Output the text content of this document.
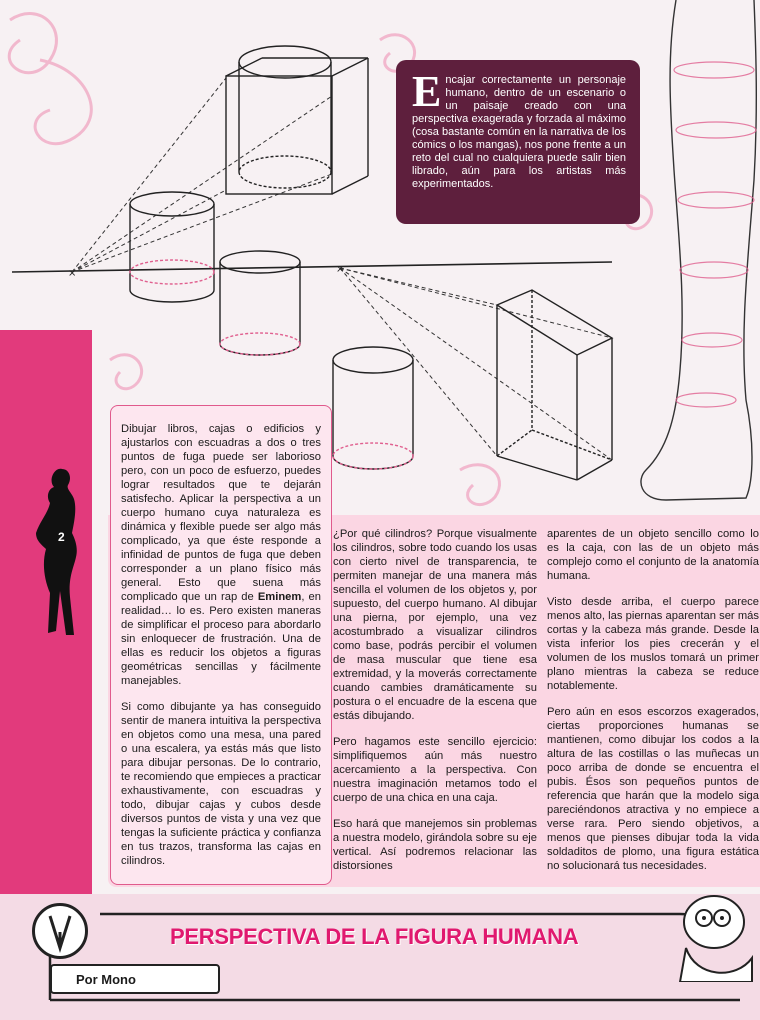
×	×
Encajar correctamente un personaje humano, dentro de un escenario o un paisaje creado con una perspectiva exagerada y forzada al máximo (cosa bastante común en la narrativa de los cómics o los mangas), nos pone frente a un reto del cual no cualquiera puede salir bien librado, aún para los artistas más experimentados.
2

Dibujar libros, cajas o edificios y ajustarlos con escuadras a dos o tres puntos de fuga puede ser laborioso pero, con un poco de esfuerzo, puedes lograr resultados que te dejarán satisfecho. Aplicar la perspectiva a un cuerpo humano cuya naturaleza es dinámica y flexible puede ser algo más complicado, ya que éste responde a infinidad de puntos de fuga que deben corresponder a un plano físico más general. Esto que suena más complicado que un rap de Eminem, en realidad… lo es. Pero existen maneras de simplificar el proceso para abordarlo sin enloquecer de frustración. Una de ellas es reducir los objetos a figuras geométricas sencillas y fácilmente manejables.

Si como dibujante ya has conseguido sentir de manera intuitiva la perspectiva en objetos como una mesa, una pared o una escalera, ya estás más que listo para dibujar personas. De lo contrario, te recomiendo que empieces a practicar exhaustivamente, con escuadras y todo, dibujar cajas y cubos desde diversos puntos de vista y una vez que tengas la suficiente práctica y confianza en tus trazos, transforma las cajas en cilindros.

¿Por qué cilindros? Porque visualmente los cilindros, sobre todo cuando los usas con cierto nivel de transparencia, te permiten manejar de una manera más sencilla el volumen de los objetos y, por supuesto, del cuerpo humano. Al dibujar una pierna, por ejemplo, una vez acostumbrado a visualizar cilindros como base, podrás percibir el volumen de masa muscular que tiene esa extremidad, y la moverás correctamente cuando cambies dramáticamente su postura o el encuadre de la escena que estás dibujando.

Pero hagamos este sencillo ejercicio: simplifiquemos aún más nuestro acercamiento a la perspectiva. Con nuestra imaginación metamos todo el cuerpo de una chica en una caja.

Eso hará que manejemos sin problemas a nuestra modelo, girándola sobre su eje vertical. Así podremos relacionar las distorsiones

aparentes de un objeto sencillo como lo es la caja, con las de un objeto más complejo como el conjunto de la anatomía humana.

Visto desde arriba, el cuerpo parece menos alto, las piernas aparentan ser más cortas y la cabeza más grande. Desde la vista inferior los pies crecerán y el volumen de los muslos tomará un primer plano mientras la cabeza se reduce notablemente.

Pero aún en esos escorzos exagerados, ciertas proporciones humanas se mantienen, como dibujar los codos a la altura de las costillas o las muñecas un poco arriba de donde se encuentra el pubis. Ésos son pequeños puntos de referencia que harán que la modelo siga pareciéndonos atractiva y no empiece a verse rara. Pero siendo objetivos, a menos que pienses dibujar toda la vida soldaditos de plomo, una figura estática no solucionará tus necesidades.

PERSPECTIVA DE LA FIGURA HUMANA
Por Mono
